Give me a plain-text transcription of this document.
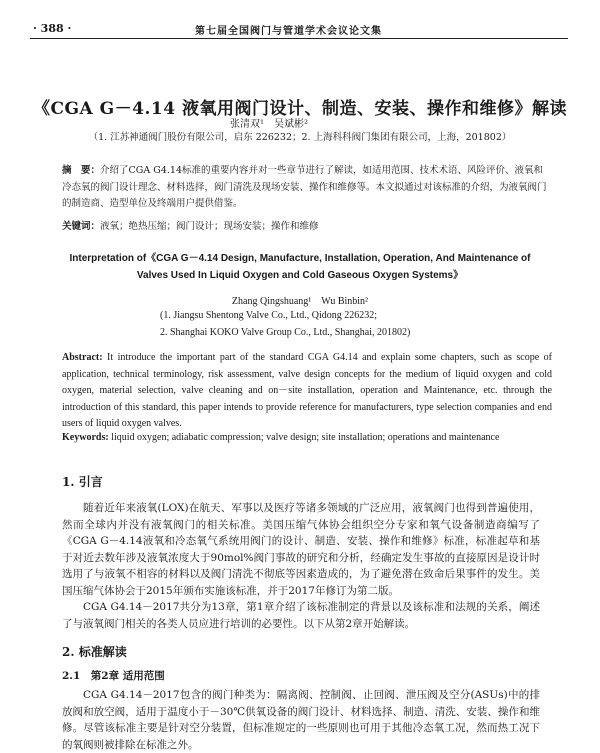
· 388 ·	第七届全国阀门与管道学术会议论文集
《CGA G－4.14 液氧用阀门设计、制造、安装、操作和维修》解读
张清双¹　吴斌彬²
（1. 江苏神通阀门股份有限公司，启东 226232；2. 上海科科阀门集团有限公司，上海，201802）
摘　要：介绍了CGA G4.14标准的重要内容并对一些章节进行了解读，如适用范围、技术术语、风险评价、液氧和冷态氧的阀门设计理念、材料选择，阀门清洗及现场安装、操作和维修等。本文拟通过对该标准的介绍，为液氧阀门的制造商、造型单位及终端用户提供借鉴。
关键词：液氧；绝热压缩；阀门设计；现场安装；操作和维修
Interpretation of《CGA G－4.14 Design, Manufacture, Installation, Operation, And Maintenance of
Valves Used In Liquid Oxygen and Cold Gaseous Oxygen Systems》
Zhang Qingshuang¹　Wu Binbin²
(1. Jiangsu Shentong Valve Co., Ltd., Qidong 226232;
2. Shanghai KOKO Valve Group Co., Ltd., Shanghai, 201802)
Abstract: It introduce the important part of the standard CGA G4.14 and explain some chapters, such as scope of application, technical terminology, risk assessment, valve design concepts for the medium of liquid oxygen and cold oxygen, material selection, valve cleaning and on－site installation, operation and Maintenance, etc. through the introduction of this standard, this paper intends to provide reference for manufacturers, type selection companies and end users of liquid oxygen valves.
Keywords: liquid oxygen; adiabatic compression; valve design; site installation; operations and maintenance
1. 引言
随着近年来液氧(LOX)在航天、军事以及医疗等诸多领域的广泛应用，液氧阀门也得到普遍使用，然而全球内并没有液氧阀门的相关标准。美国压缩气体协会组织空分专家和氧气设备制造商编写了《CGA G－4.14液氧和冷态氧气系统用阀门的设计、制造、安装、操作和维修》标准，标准起草和基于对近去数年涉及液氧浓度大于90mol%阀门事故的研究和分析，经确定发生事故的直接原因是设计时选用了与液氧不相容的材料以及阀门清洗不彻底等因素造成的，为了避免潜在致命后果事件的发生。美国压缩气体协会于2015年颁布实施该标准，并于2017年修订为第二版。
CGA G4.14－2017共分为13章，第1章介绍了该标准制定的背景以及该标准和法规的关系，阐述了与液氧阀门相关的各类人员应进行培训的必要性。以下从第2章开始解读。
2. 标准解读
2.1　第2章 适用范围
CGA G4.14－2017包含的阀门种类为：隔离阀、控制阀、止回阀、泄压阀及空分(ASUs)中的排放阀和放空阀，适用于温度小于－30℃供氧设备的阀门设计、材料选择、制造、清洗、安装、操作和维修。尽管该标准主要是针对空分装置，但标准规定的一些原则也可用于其他冷态氧工况，然而热工况下的氧阀则被排除在标准之外。
